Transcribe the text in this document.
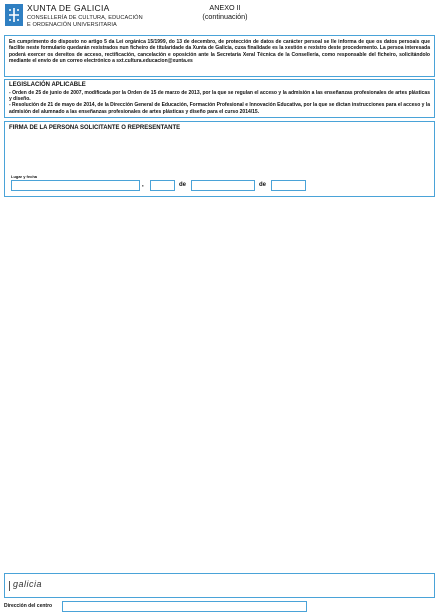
XUNTA DE GALICIA
CONSELLERÍA DE CULTURA, EDUCACIÓN
E ORDENACIÓN UNIVERSITARIA
ANEXO II
(continuación)

En cumprimento do disposto no artigo 5 da Lei orgánica 15/1999, do 13 de decembro, de protección de datos de carácter persoal se lle informa de que os datos persoais que facilite neste formulario quedarán rexistrados nun ficheiro de titularidade da Xunta de Galicia, cuxa finalidade es la xestión e rexistro deste procedemento. La persoa interesada poderá exercer os dereitos de acceso, rectificación, cancelación e oposición ante la Secretaría Xeral Técnica de la Consellería, como responsable del ficheiro, solicitándolo mediante el envío de un correo electrónico a sxt.cultura.educacion@xunta.es

LEGISLACIÓN APLICABLE

- Orden de 25 de junio de 2007, modificada por la Orden de 15 de marzo de 2013, por la que se regulan el acceso y la admisión a las enseñanzas profesionales de artes plásticas y diseño.

- Resolución de 21 de mayo de 2014, de la Dirección General de Educación, Formación Profesional e Innovación Educativa, por la que se dictan instrucciones para el acceso y la admisión del alumnado a las enseñanzas profesionales de artes plásticas y diseño para el curso 2014/15.

FIRMA DE LA PERSONA SOLICITANTE O REPRESENTANTE
Lugar y fecha
,	de	de
galicia
Dirección del centro
